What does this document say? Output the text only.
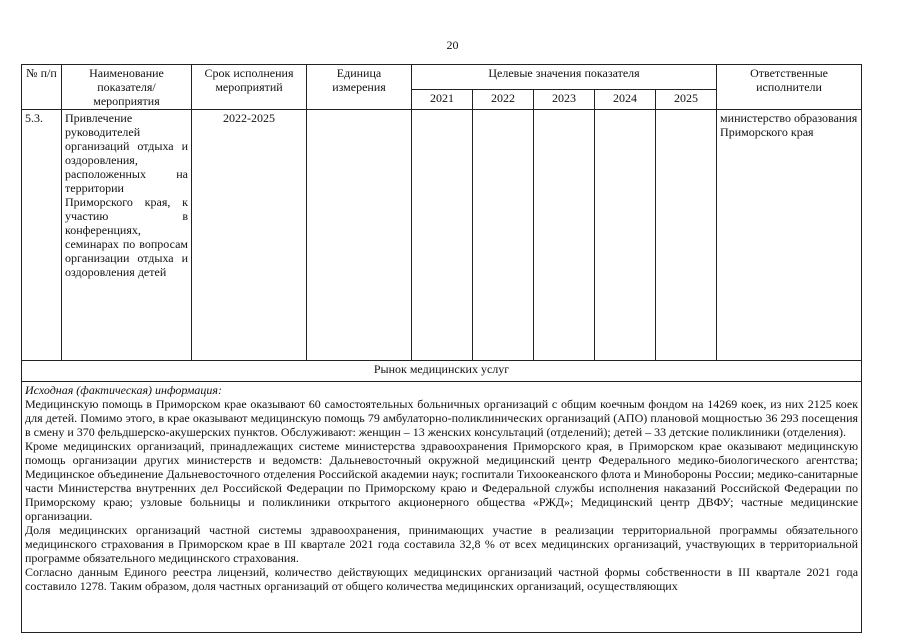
20
№ п/п	Наименование показателя/мероприятия	Срок исполнения мероприятий	Единица измерения	Целевые значения показателя					Ответственные исполнители
				2021	2022	2023	2024	2025	
5.3.	Привлечение руководителей организаций отдыха и оздоровления, расположенных на территории Приморского края, к участию в конференциях, семинарах по вопросам организации отдыха и оздоровления детей	2022-2025							министерство образования Приморского края
Рынок медицинских услуг									

Исходная (фактическая) информация:

Медицинскую помощь в Приморском крае оказывают 60 самостоятельных больничных организаций с общим коечным фондом на 14269 коек, из них 2125 коек для детей. Помимо этого, в крае оказывают медицинскую помощь 79 амбулаторно-поликлинических организаций (АПО) плановой мощностью 36 293 посещения в смену и 370 фельдшерско-акушерских пунктов. Обслуживают: женщин – 13 женских консультаций (отделений); детей – 33 детские поликлиники (отделения).

Кроме медицинских организаций, принадлежащих системе министерства здравоохранения Приморского края, в Приморском крае оказывают медицинскую помощь организации других министерств и ведомств: Дальневосточный окружной медицинский центр Федерального медико-биологического агентства; Медицинское объединение Дальневосточного отделения Российской академии наук; госпитали Тихоокеанского флота и Минобороны России; медико-санитарные части Министерства внутренних дел Российской Федерации по Приморскому краю и Федеральной службы исполнения наказаний Российской Федерации по Приморскому краю; узловые больницы и поликлиники открытого акционерного общества «РЖД»; Медицинский центр ДВФУ; частные медицинские организации.

Доля медицинских организаций частной системы здравоохранения, принимающих участие в реализации территориальной программы обязательного медицинского страхования в Приморском крае в III квартале 2021 года составила 32,8 % от всех медицинских организаций, участвующих в территориальной программе обязательного медицинского страхования.

Согласно данным Единого реестра лицензий, количество действующих медицинских организаций частной формы собственности в III квартале 2021 года составило 1278. Таким образом, доля частных организаций от общего количества медицинских организаций, осуществляющих									
